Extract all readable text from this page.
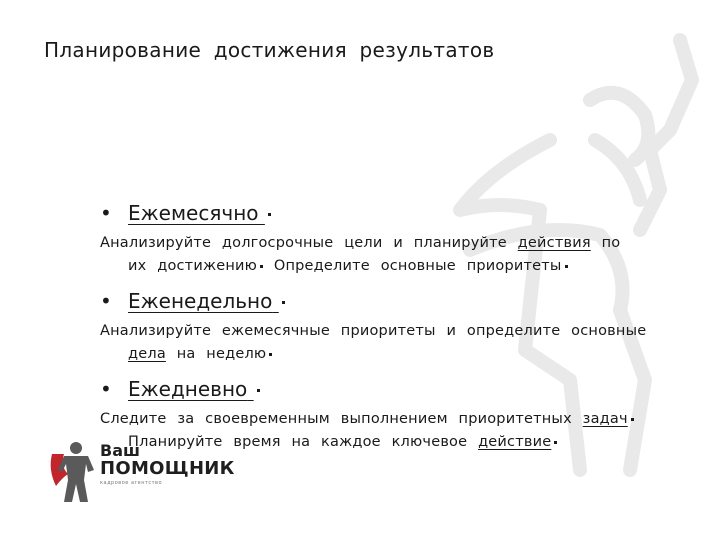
Планирование достижения результатов
• Ежемесячно
Анализируйте долгосрочные цели и планируйте действия по
их достижению Определите основные приоритеты
• Еженедельно
Анализируйте ежемесячные приоритеты и определите основные
дела на неделю
• Ежедневно
Следите за своевременным выполнением приоритетных задач
Планируйте время на каждое ключевое действие
Ваш
ПОМОЩНИК
кадровое агентство
